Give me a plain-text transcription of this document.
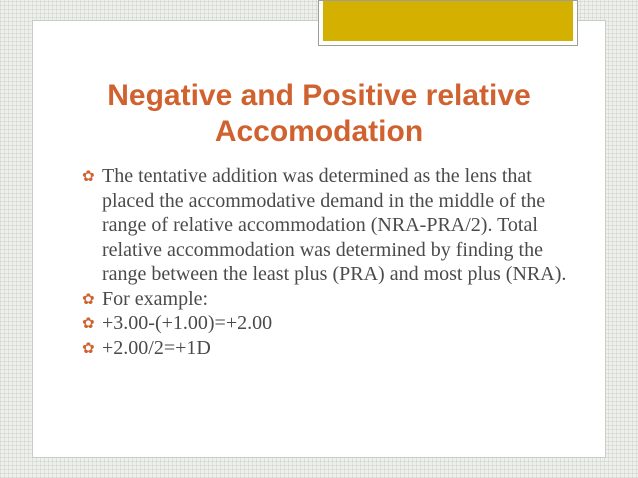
Negative and Positive relative
Accomodation
✿ The tentative addition was determined as the lens that placed the accommodative demand in the middle of the range of relative accommodation (NRA-PRA/2). Total relative accommodation was determined by finding the range between the least plus (PRA) and most plus (NRA).
✿ For example:
✿ +3.00-(+1.00)=+2.00
✿ +2.00/2=+1D
